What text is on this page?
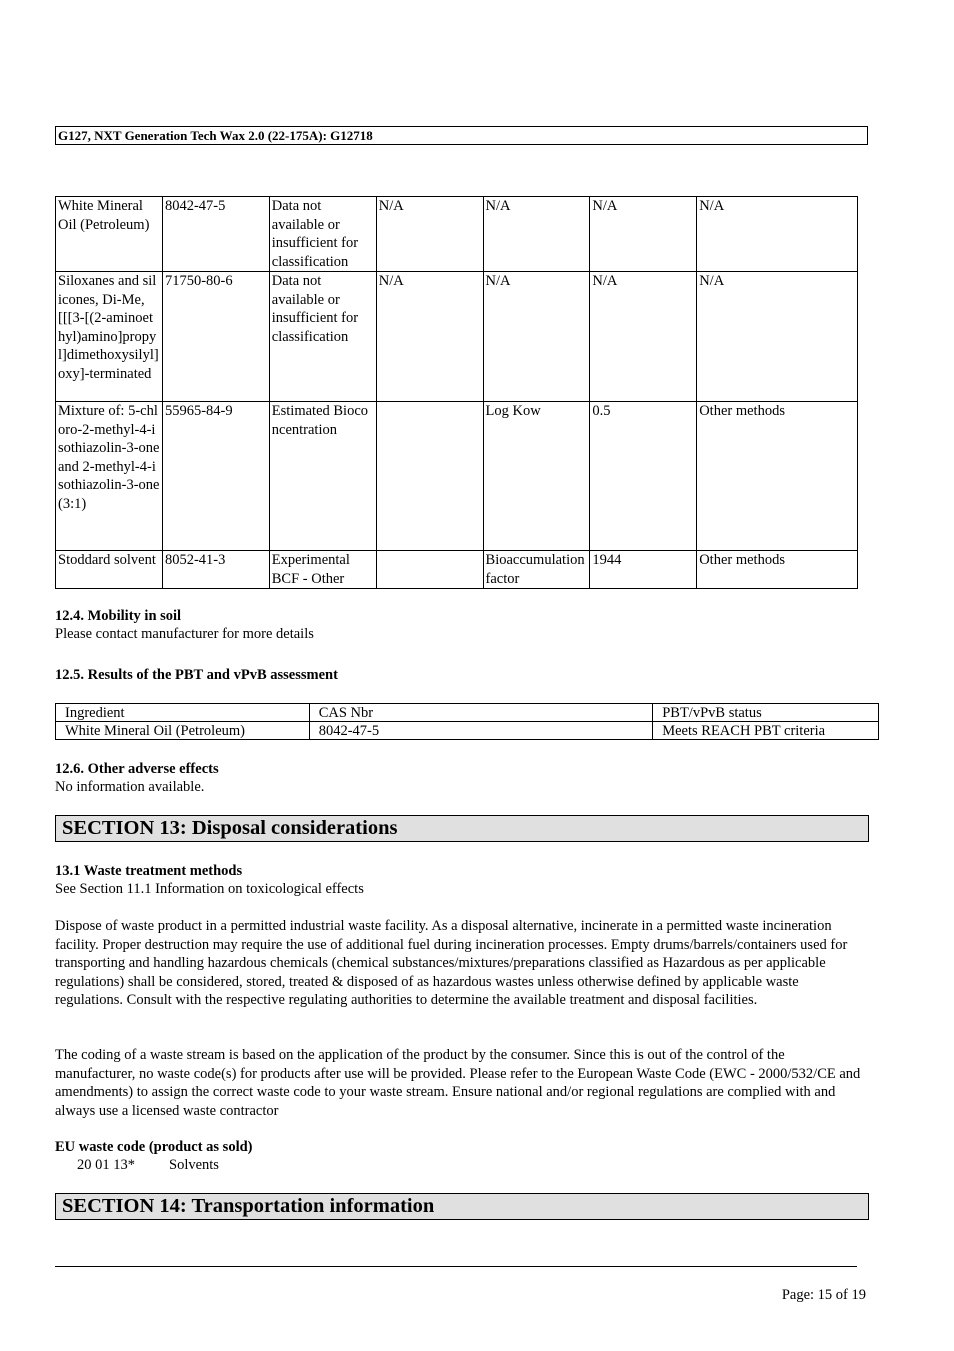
G127, NXT Generation Tech Wax 2.0 (22-175A): G12718
White Mineral Oil (Petroleum)	8042-47-5	Data not available or insufficient for classification	N/A	N/A	N/A	N/A
Siloxanes and silicones, Di-Me, [[[3-[(2-aminoethyl)amino]propyl]dimethoxysilyl]oxy]-terminated	71750-80-6	Data not available or insufficient for classification	N/A	N/A	N/A	N/A
Mixture of: 5-chloro-2-methyl-4-isothiazolin-3-one and 2-methyl-4-isothiazolin-3-one (3:1)	55965-84-9	Estimated Bioconcentration		Log Kow	0.5	Other methods
Stoddard solvent	8052-41-3	Experimental BCF - Other		Bioaccumulation factor	1944	Other methods
12.4. Mobility in soil
Please contact manufacturer for more details
12.5. Results of the PBT and vPvB assessment
Ingredient	CAS Nbr	PBT/vPvB status
White Mineral Oil (Petroleum)	8042-47-5	Meets REACH PBT criteria
12.6. Other adverse effects
No information available.
SECTION 13: Disposal considerations
13.1 Waste treatment methods
See Section 11.1 Information on toxicological effects
Dispose of waste product in a permitted industrial waste facility. As a disposal alternative, incinerate in a permitted waste incineration facility. Proper destruction may require the use of additional fuel during incineration processes. Empty drums/barrels/containers used for transporting and handling hazardous chemicals (chemical substances/mixtures/preparations classified as Hazardous as per applicable regulations) shall be considered, stored, treated & disposed of as hazardous wastes unless otherwise defined by applicable waste regulations. Consult with the respective regulating authorities to determine the available treatment and disposal facilities.
The coding of a waste stream is based on the application of the product by the consumer. Since this is out of the control of the manufacturer, no waste code(s) for products after use will be provided. Please refer to the European Waste Code (EWC - 2000/532/CE and amendments) to assign the correct waste code to your waste stream. Ensure national and/or regional regulations are complied with and always use a licensed waste contractor
EU waste code (product as sold)
20 01 13* Solvents
SECTION 14: Transportation information
Page: 15 of 19
